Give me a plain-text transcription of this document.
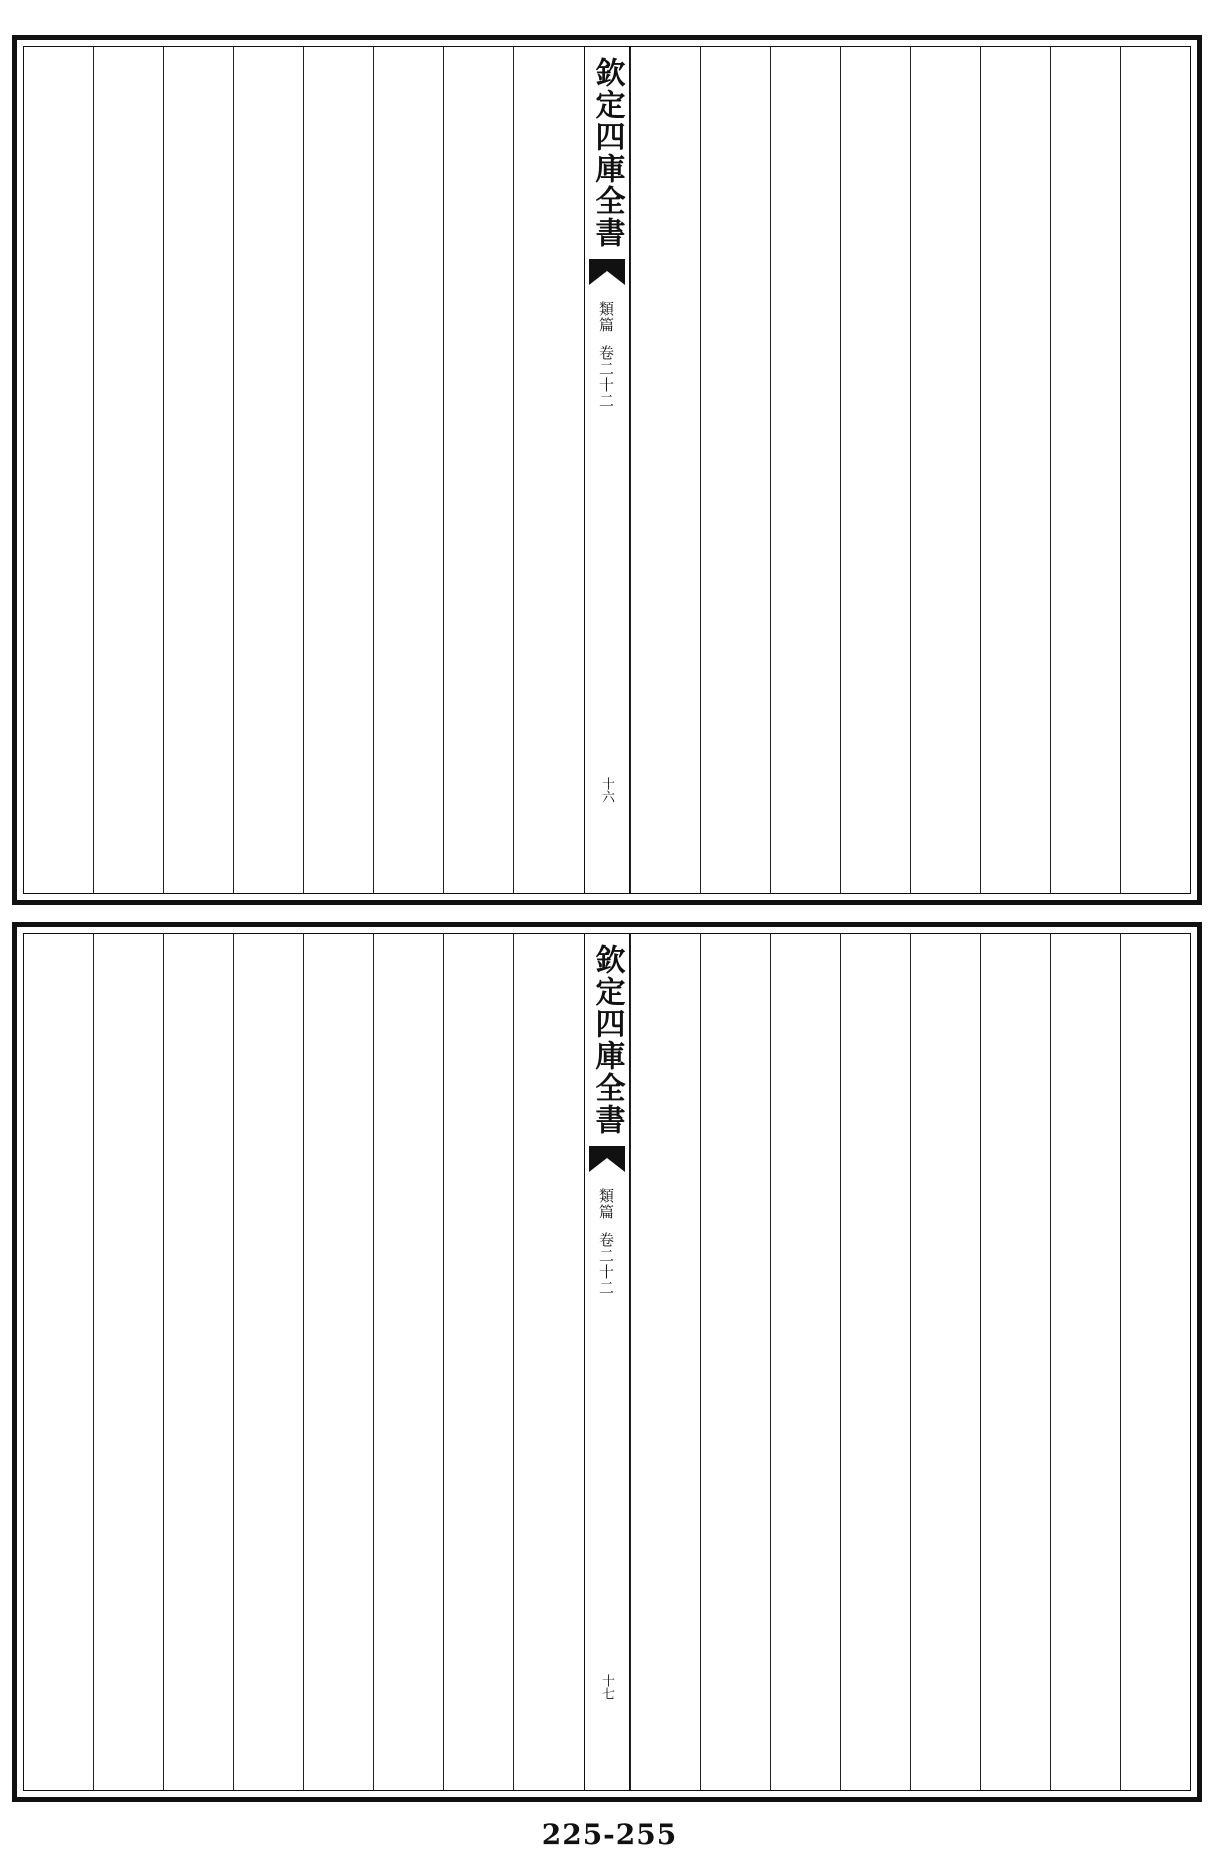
欽定四庫全書
類篇
卷二十二
十六
欽定四庫全書
類篇
卷二十二
十七
225-255
